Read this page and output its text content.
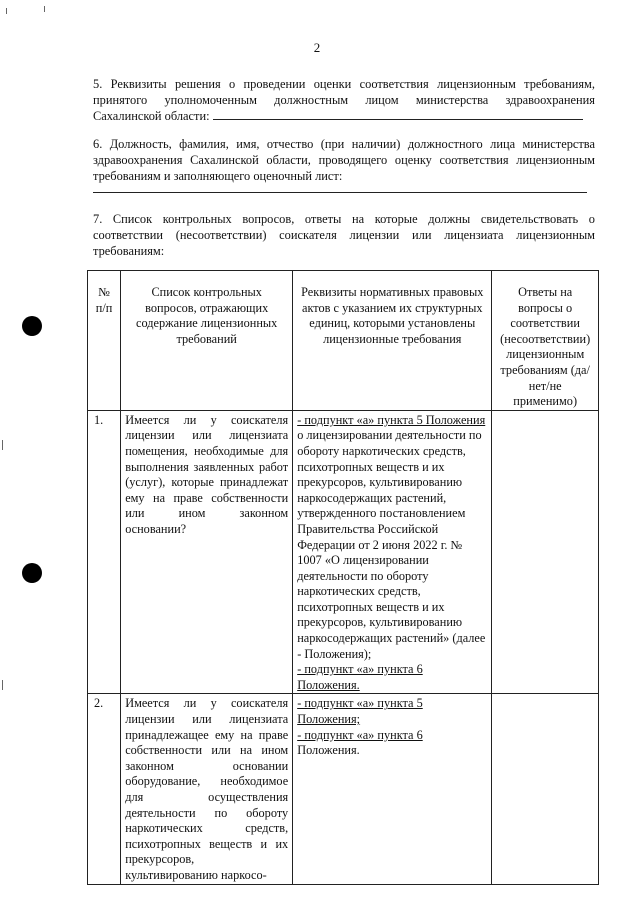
2
5. Реквизиты решения о проведении оценки соответствия лицензионным требованиям, принятого уполномоченным должностным лицом министерства здравоохранения Сахалинской области:
6. Должность, фамилия, имя, отчество (при наличии) должностного лица министерства здравоохранения Сахалинской области, проводящего оценку соответствия лицензионным требованиям и заполняющего оценочный лист:
7. Список контрольных вопросов, ответы на которые должны свидетельствовать о соответствии (несоответствии) соискателя лицензии или лицензиата лицензионным требованиям:
№ п/п	Список контрольных вопросов, отражающих содержание лицензионных требований	Реквизиты нормативных правовых актов с указанием их структурных единиц, которыми установлены лицензионные требования	Ответы на вопросы о соответствии (несоответствии) лицензионным требованиям (да/нет/не применимо)
1.	Имеется ли у соискателя лицензии или лицензиата помещения, необходимые для выполнения заявленных работ (услуг), которые принадлежат ему на праве собственности или ином законном основании?	- подпункт «а» пункта 5 Положения о лицензировании деятельности по обороту наркотических средств, психотропных веществ и их прекурсоров, культивированию наркосодержащих растений, утвержденного постановлением Правительства Российской Федерации от 2 июня 2022 г. № 1007 «О лицензировании деятельности по обороту наркотических средств, психотропных веществ и их прекурсоров, культивированию наркосодержащих растений» (далее - Положения);
- подпункт «а» пункта 6 Положения.	
2.	Имеется ли у соискателя лицензии или лицензиата принадлежащее ему на праве собственности или на ином законном основании оборудование, необходимое для осуществления деятельности по обороту наркотических средств, психотропных веществ и их прекурсоров, культивированию наркосо-	- подпункт «а» пункта 5 Положения;
- подпункт «а» пункта 6 Положения.	
